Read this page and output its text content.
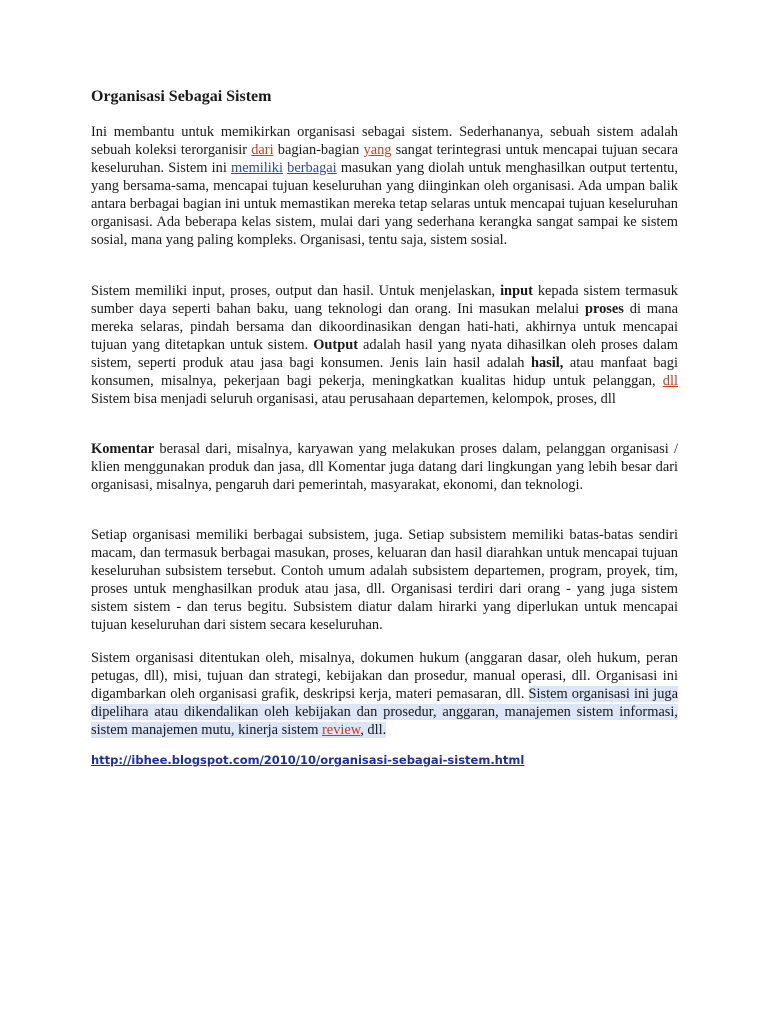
Organisasi Sebagai Sistem

Ini membantu untuk memikirkan organisasi sebagai sistem. Sederhananya, sebuah sistem adalah sebuah koleksi terorganisir dari bagian-bagian yang sangat terintegrasi untuk mencapai tujuan secara keseluruhan. Sistem ini memiliki berbagai masukan yang diolah untuk menghasilkan output tertentu, yang bersama-sama, mencapai tujuan keseluruhan yang diinginkan oleh organisasi. Ada umpan balik antara berbagai bagian ini untuk memastikan mereka tetap selaras untuk mencapai tujuan keseluruhan organisasi. Ada beberapa kelas sistem, mulai dari yang sederhana kerangka sangat sampai ke sistem sosial, mana yang paling kompleks. Organisasi, tentu saja, sistem sosial.

Sistem memiliki input, proses, output dan hasil. Untuk menjelaskan, input kepada sistem termasuk sumber daya seperti bahan baku, uang teknologi dan orang. Ini masukan melalui proses di mana mereka selaras, pindah bersama dan dikoordinasikan dengan hati-hati, akhirnya untuk mencapai tujuan yang ditetapkan untuk sistem. Output adalah hasil yang nyata dihasilkan oleh proses dalam sistem, seperti produk atau jasa bagi konsumen. Jenis lain hasil adalah hasil, atau manfaat bagi konsumen, misalnya, pekerjaan bagi pekerja, meningkatkan kualitas hidup untuk pelanggan, dll Sistem bisa menjadi seluruh organisasi, atau perusahaan departemen, kelompok, proses, dll

Komentar berasal dari, misalnya, karyawan yang melakukan proses dalam, pelanggan organisasi / klien menggunakan produk dan jasa, dll Komentar juga datang dari lingkungan yang lebih besar dari organisasi, misalnya, pengaruh dari pemerintah, masyarakat, ekonomi, dan teknologi.

Setiap organisasi memiliki berbagai subsistem, juga. Setiap subsistem memiliki batas-batas sendiri macam, dan termasuk berbagai masukan, proses, keluaran dan hasil diarahkan untuk mencapai tujuan keseluruhan subsistem tersebut. Contoh umum adalah subsistem departemen, program, proyek, tim, proses untuk menghasilkan produk atau jasa, dll. Organisasi terdiri dari orang - yang juga sistem sistem sistem - dan terus begitu. Subsistem diatur dalam hirarki yang diperlukan untuk mencapai tujuan keseluruhan dari sistem secara keseluruhan.

Sistem organisasi ditentukan oleh, misalnya, dokumen hukum (anggaran dasar, oleh hukum, peran petugas, dll), misi, tujuan dan strategi, kebijakan dan prosedur, manual operasi, dll. Organisasi ini digambarkan oleh organisasi grafik, deskripsi kerja, materi pemasaran, dll. Sistem organisasi ini juga dipelihara atau dikendalikan oleh kebijakan dan prosedur, anggaran, manajemen sistem informasi, sistem manajemen mutu, kinerja sistem review, dll.

http://ibhee.blogspot.com/2010/10/organisasi-sebagai-sistem.html
